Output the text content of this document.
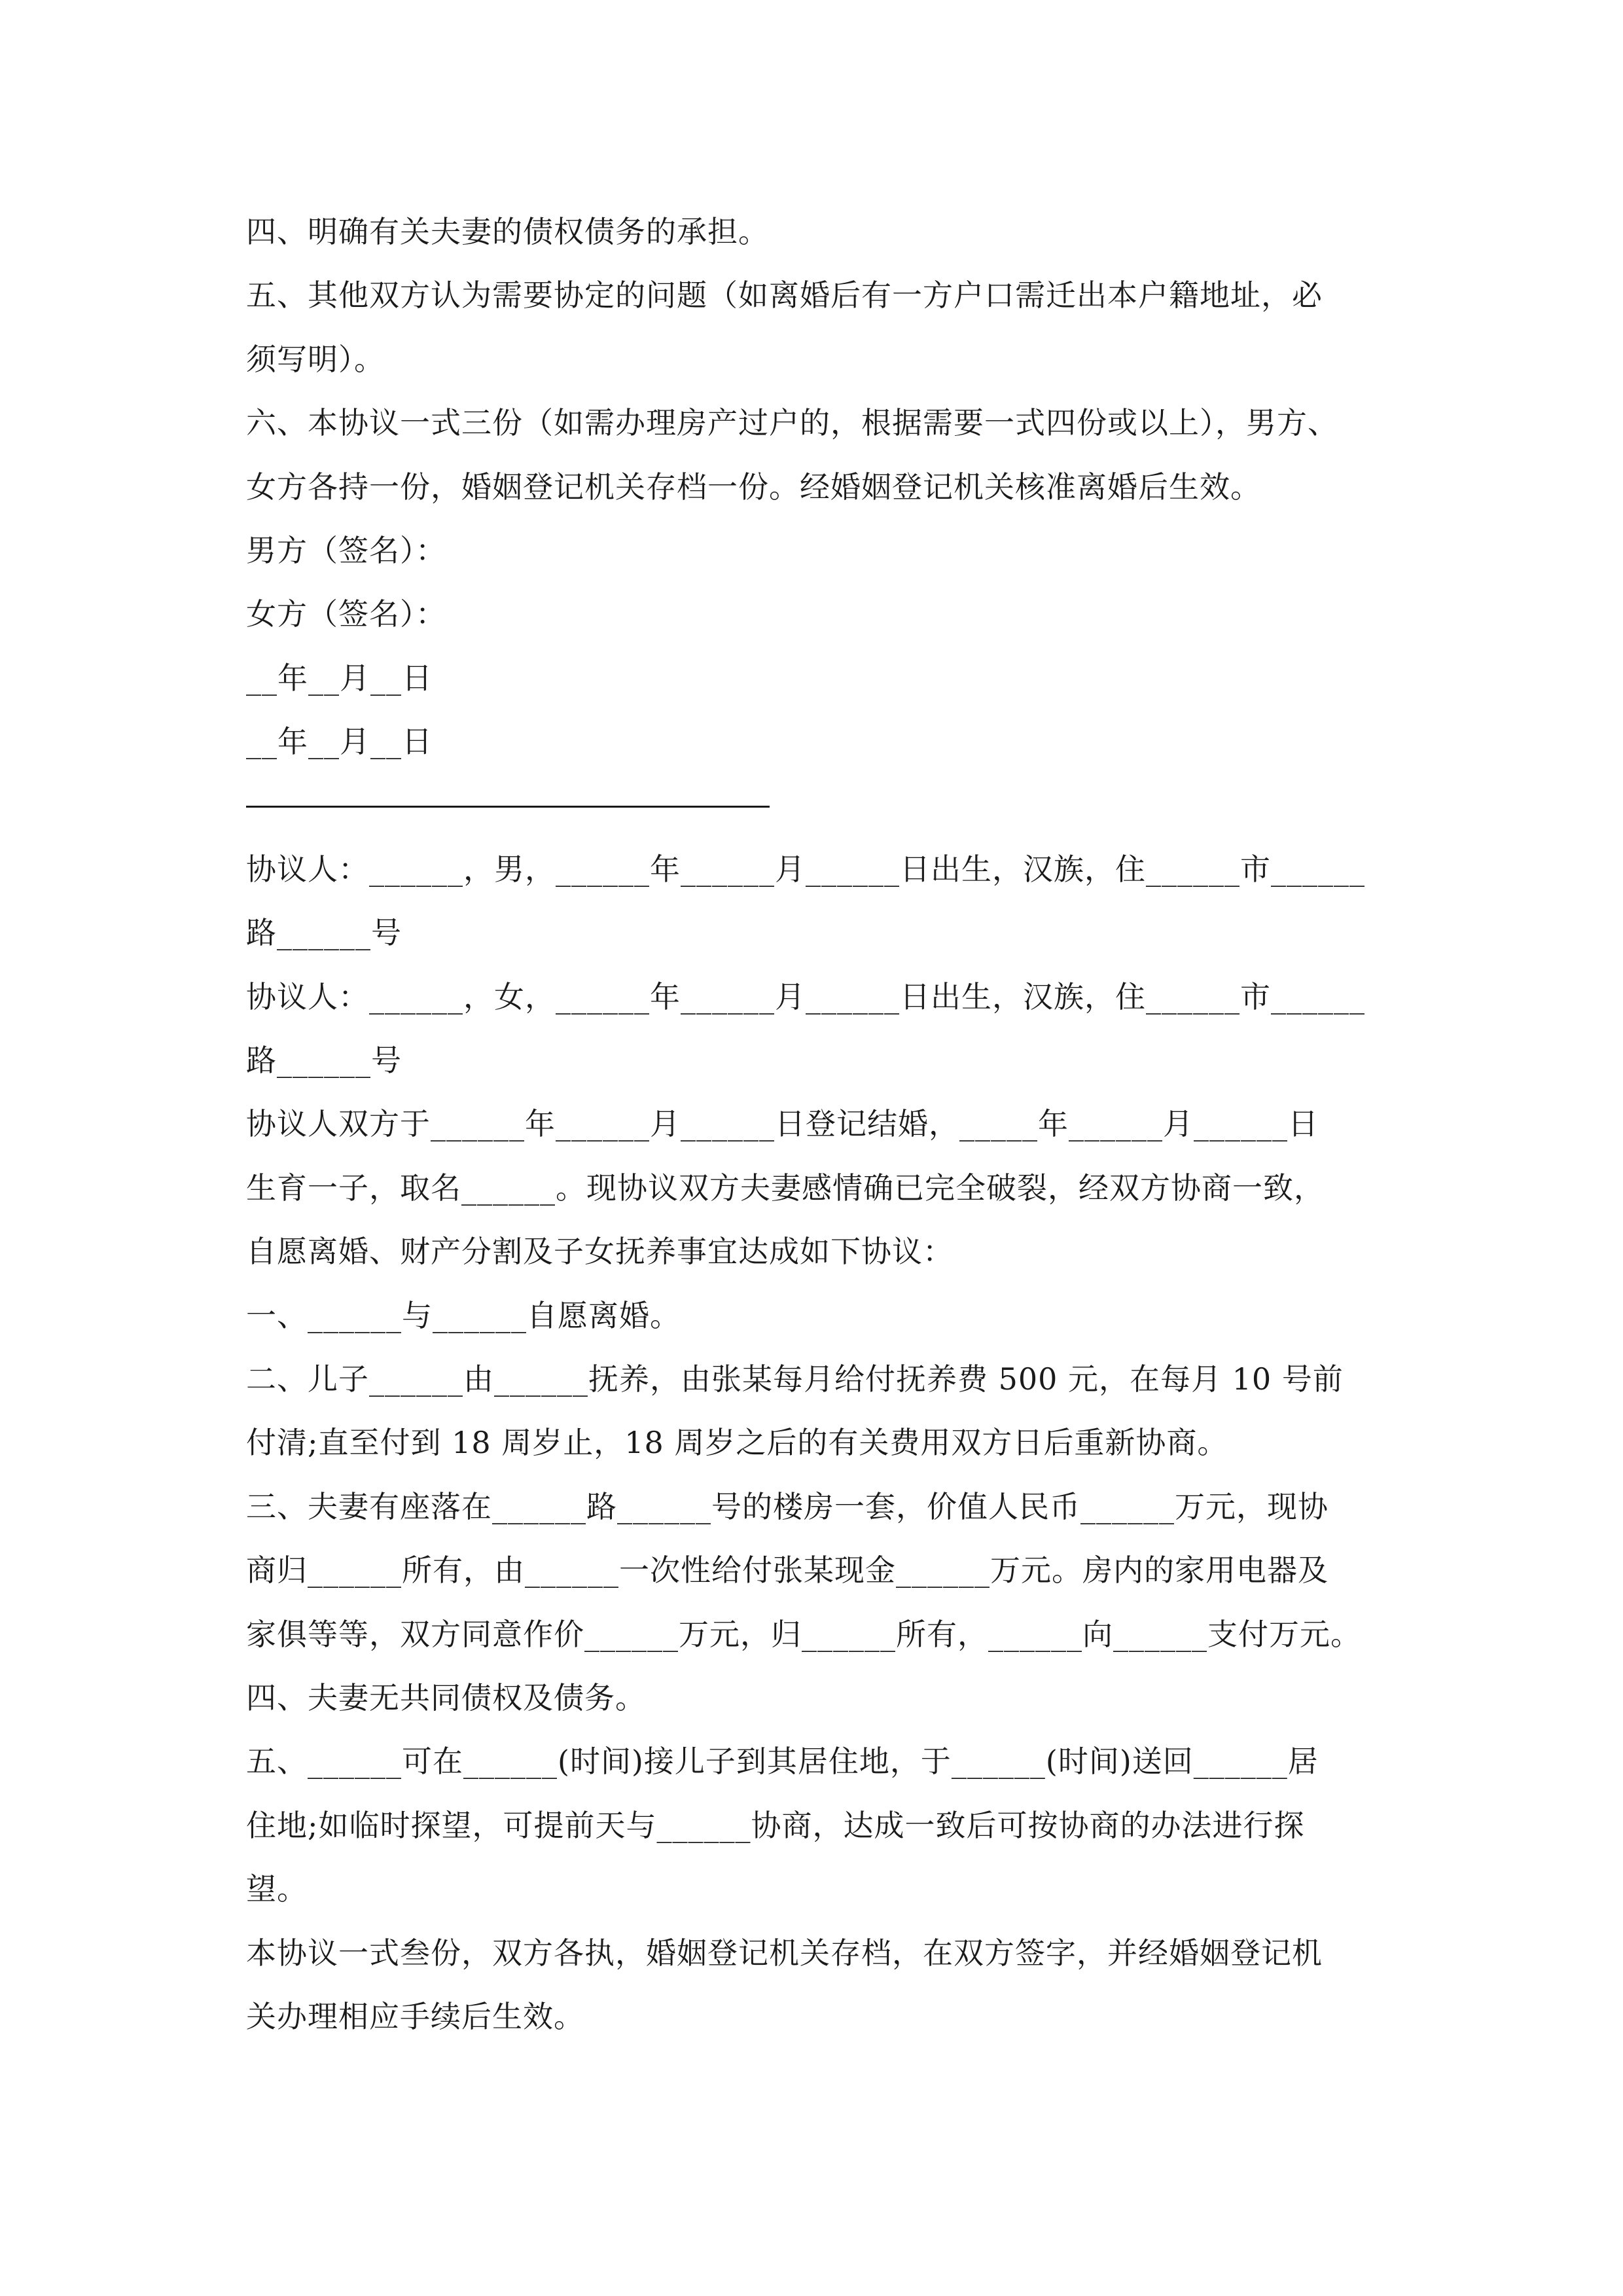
四、明确有关夫妻的债权债务的承担。
五、其他双方认为需要协定的问题（如离婚后有一方户口需迁出本户籍地址，必
须写明）。
六、本协议一式三份（如需办理房产过户的，根据需要一式四份或以上），男方、
女方各持一份，婚姻登记机关存档一份。经婚姻登记机关核准离婚后生效。
男方（签名）：
女方（签名）：
__年__月__日
__年__月__日
协议人：______，男，______年______月______日出生，汉族，住______市______
路______号
协议人：______，女，______年______月______日出生，汉族，住______市______
路______号
协议人双方于______年______月______日登记结婚，_____年______月______日
生育一子，取名______。现协议双方夫妻感情确已完全破裂，经双方协商一致，
自愿离婚、财产分割及子女抚养事宜达成如下协议：
一、______与______自愿离婚。
二、儿子______由______抚养，由张某每月给付抚养费 500 元，在每月 10 号前
付清;直至付到 18 周岁止，18 周岁之后的有关费用双方日后重新协商。
三、夫妻有座落在______路______号的楼房一套，价值人民币______万元，现协
商归______所有，由______一次性给付张某现金______万元。房内的家用电器及
家俱等等，双方同意作价______万元，归______所有，______向______支付万元。
四、夫妻无共同债权及债务。
五、______可在______(时间)接儿子到其居住地，于______(时间)送回______居
住地;如临时探望，可提前天与______协商，达成一致后可按协商的办法进行探
望。
本协议一式叁份，双方各执，婚姻登记机关存档，在双方签字，并经婚姻登记机
关办理相应手续后生效。
